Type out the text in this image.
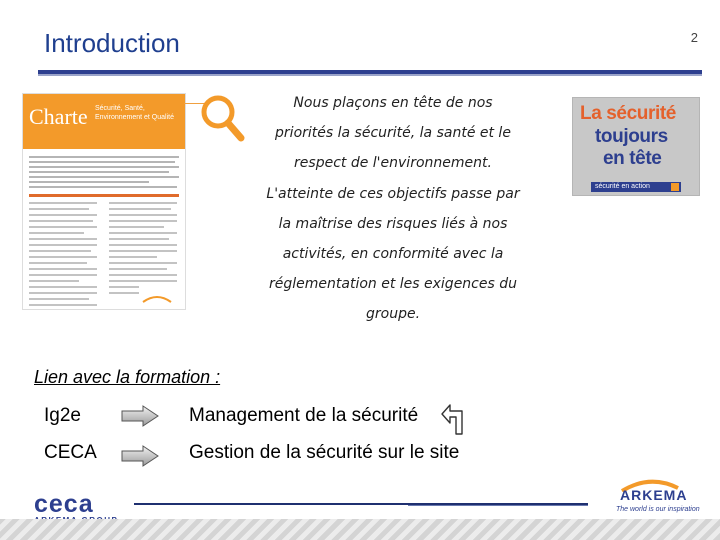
Introduction	2
Charte Sécurité, Santé, Environnement et Qualité
Nous plaçons en tête de nos
priorités la sécurité, la santé et le
respect de l'environnement.
L'atteinte de ces objectifs passe par
la maîtrise des risques liés à nos
activités, en conformité avec la
réglementation et les exigences du
groupe.
La sécurité
toujours
en tête
sécurité en action
Lien avec la formation :
Ig2e	Management de la sécurité
CECA	Gestion de la sécurité sur le site
ceca	ARKEMA
The world is our inspiration
